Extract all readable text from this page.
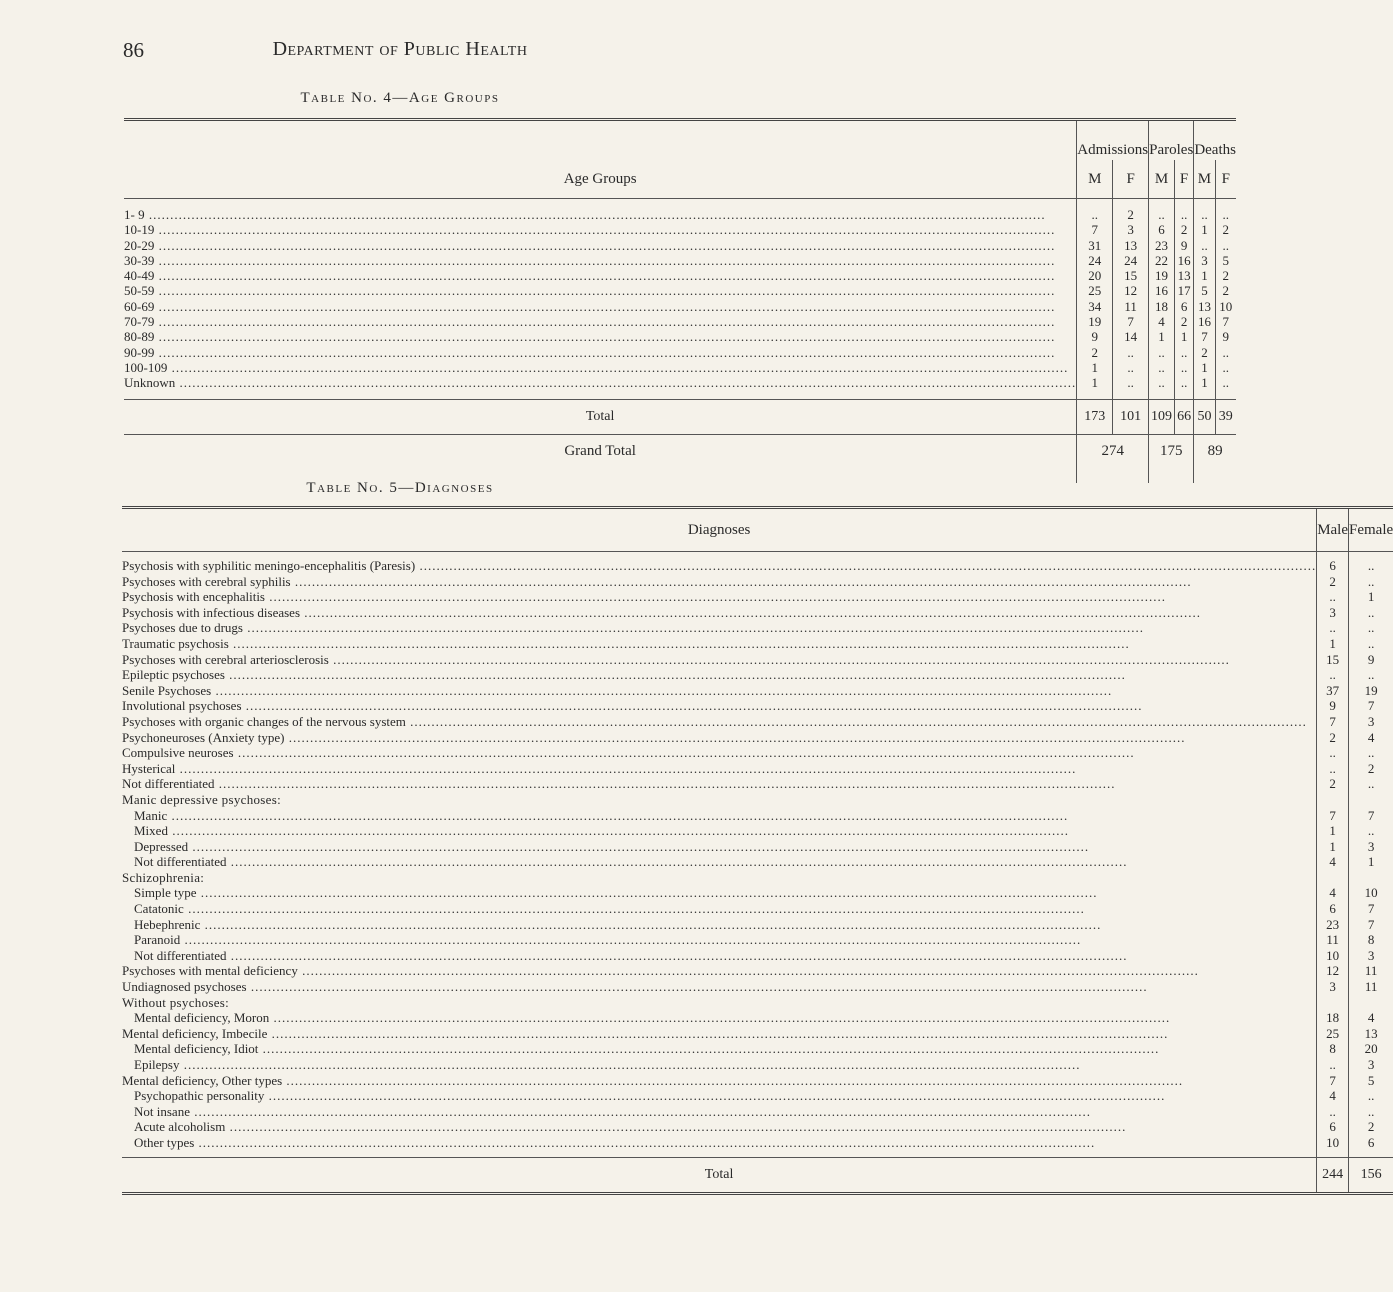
86	Department of Public Health
Table No. 4—Age Groups
	Admissions		Paroles		Deaths	
Age Groups	M	F	M	F	M	F
1- 9 .....	..	2	..	..	..	..
10-19 .....	7	3	6	2	1	2
20-29 .....	31	13	23	9	..	..
30-39 .....	24	24	22	16	3	5
40-49 .....	20	15	19	13	1	2
50-59 .....	25	12	16	17	5	2
60-69 .....	34	11	18	6	13	10
70-79 .....	19	7	4	2	16	7
80-89 .....	9	14	1	1	7	9
90-99 .....	2	..	..	..	2	..
100-109 .....	1	..	..	..	1	..
Unknown .....	1	..	..	..	1	..
Total	173	101	109	66	50	39
Grand Total	274		175		89	
Table No. 5—Diagnoses
Diagnoses	Male	Female
Psychosis with syphilitic meningo-encephalitis (Paresis) .....	6	..
Psychoses with cerebral syphilis .....	2	..
Psychosis with encephalitis .....	..	1
Psychosis with infectious diseases .....	3	..
Psychoses due to drugs .....	..	..
Traumatic psychosis .....	1	..
Psychoses with cerebral arteriosclerosis .....	15	9
Epileptic psychoses .....	..	..
Senile Psychoses .....	37	19
Involutional psychoses .....	9	7
Psychoses with organic changes of the nervous system .....	7	3
Psychoneuroses (Anxiety type) .....	2	4
Compulsive neuroses .....	..	..
Hysterical .....	..	2
Not differentiated .....	2	..
Manic depressive psychoses:		
Manic .....	7	7
Mixed .....	1	..
Depressed .....	1	3
Not differentiated .....	4	1
Schizophrenia:		
Simple type .....	4	10
Catatonic .....	6	7
Hebephrenic .....	23	7
Paranoid .....	11	8
Not differentiated .....	10	3
Psychoses with mental deficiency .....	12	11
Undiagnosed psychoses .....	3	11
Without psychoses:		
Mental deficiency, Moron .....	18	4
Mental deficiency, Imbecile .....	25	13
Mental deficiency, Idiot .....	8	20
Epilepsy .....	..	3
Mental deficiency, Other types .....	7	5
Psychopathic personality .....	4	..
Not insane .....	..	..
Acute alcoholism .....	6	2
Other types .....	10	6
Total	244	156
